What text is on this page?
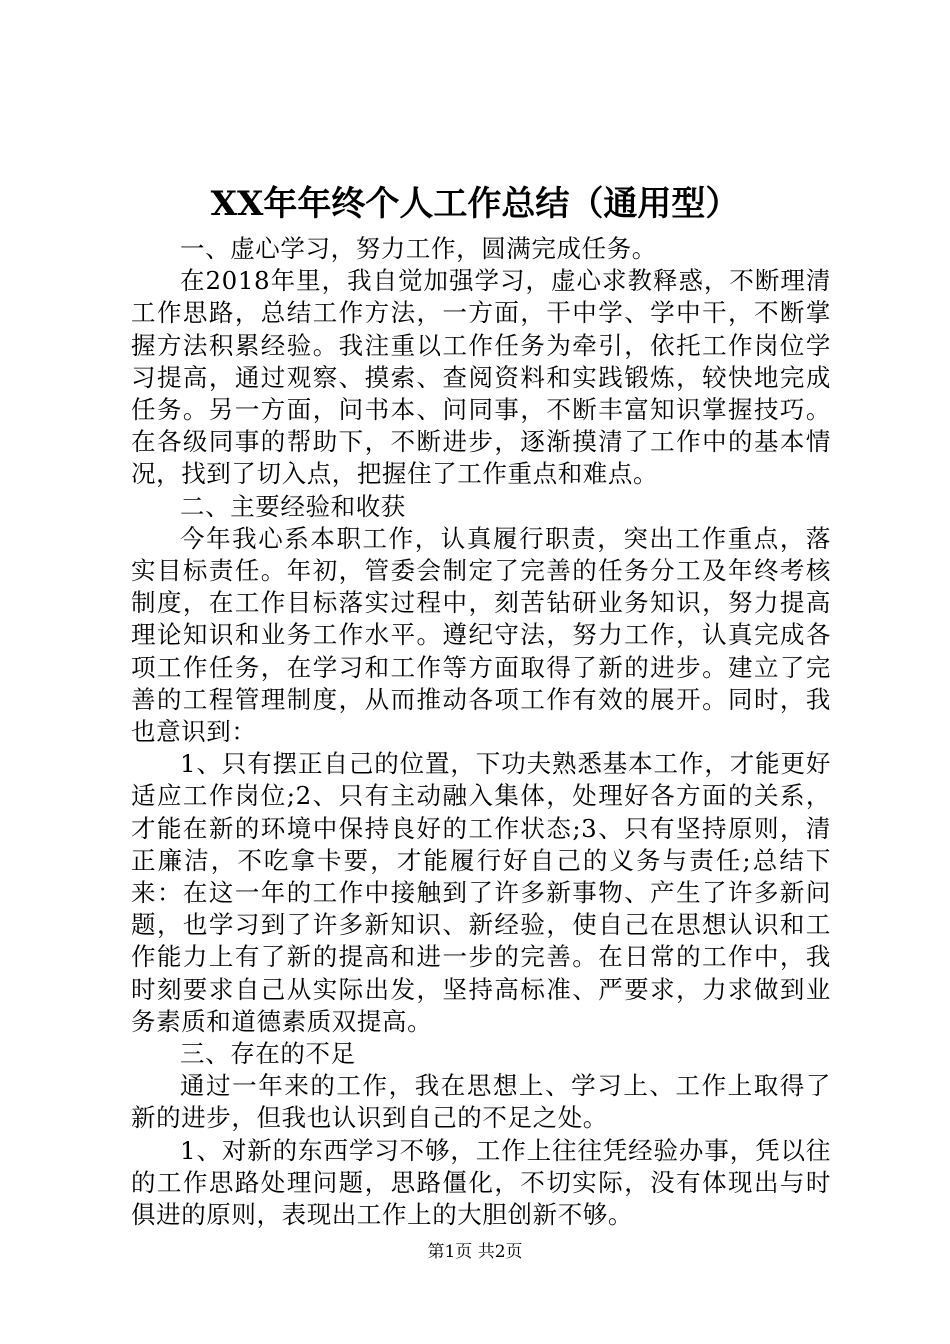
XX年年终个人工作总结（通用型）

一、虚心学习，努力工作，圆满完成任务。

在2018年里，我自觉加强学习，虚心求教释惑，不断理清工作思路，总结工作方法，一方面，干中学、学中干，不断掌握方法积累经验。我注重以工作任务为牵引，依托工作岗位学习提高，通过观察、摸索、查阅资料和实践锻炼，较快地完成任务。另一方面，问书本、问同事，不断丰富知识掌握技巧。在各级同事的帮助下，不断进步，逐渐摸清了工作中的基本情况，找到了切入点，把握住了工作重点和难点。

二、主要经验和收获

今年我心系本职工作，认真履行职责，突出工作重点，落实目标责任。年初，管委会制定了完善的任务分工及年终考核制度，在工作目标落实过程中，刻苦钻研业务知识，努力提高理论知识和业务工作水平。遵纪守法，努力工作，认真完成各项工作任务，在学习和工作等方面取得了新的进步。建立了完善的工程管理制度，从而推动各项工作有效的展开。同时，我也意识到：

1、只有摆正自己的位置，下功夫熟悉基本工作，才能更好适应工作岗位;2、只有主动融入集体，处理好各方面的关系，才能在新的环境中保持良好的工作状态;3、只有坚持原则，清正廉洁，不吃拿卡要，才能履行好自己的义务与责任;总结下来：在这一年的工作中接触到了许多新事物、产生了许多新问题，也学习到了许多新知识、新经验，使自己在思想认识和工作能力上有了新的提高和进一步的完善。在日常的工作中，我时刻要求自己从实际出发，坚持高标准、严要求，力求做到业务素质和道德素质双提高。

三、存在的不足

通过一年来的工作，我在思想上、学习上、工作上取得了新的进步，但我也认识到自己的不足之处。

1、对新的东西学习不够，工作上往往凭经验办事，凭以往的工作思路处理问题，思路僵化，不切实际，没有体现出与时俱进的原则，表现出工作上的大胆创新不够。

第1页 共2页
